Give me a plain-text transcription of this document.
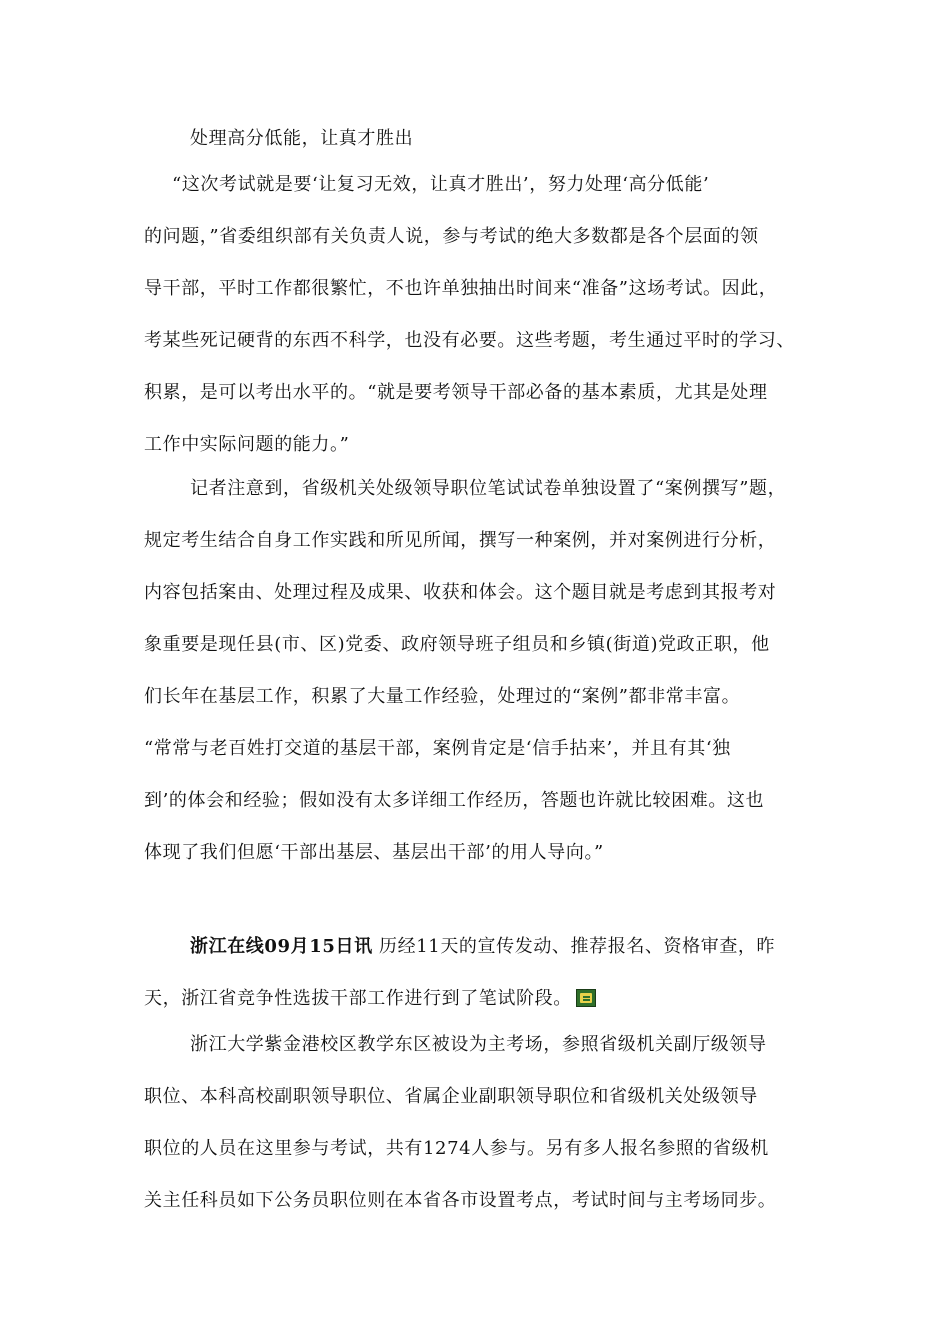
处理高分低能，让真才胜出
“这次考试就是要‘让复习无效，让真才胜出’，努力处理‘高分低能’
的问题，”省委组织部有关负责人说，参与考试的绝大多数都是各个层面的领
导干部，平时工作都很繁忙，不也许单独抽出时间来“准备”这场考试。因此，
考某些死记硬背的东西不科学，也没有必要。这些考题，考生通过平时的学习、
积累，是可以考出水平的。“就是要考领导干部必备的基本素质，尤其是处理
工作中实际问题的能力。”
记者注意到，省级机关处级领导职位笔试试卷单独设置了“案例撰写”题，
规定考生结合自身工作实践和所见所闻，撰写一种案例，并对案例进行分析，
内容包括案由、处理过程及成果、收获和体会。这个题目就是考虑到其报考对
象重要是现任县(市、区)党委、政府领导班子组员和乡镇(街道)党政正职，他
们长年在基层工作，积累了大量工作经验，处理过的“案例”都非常丰富。
“常常与老百姓打交道的基层干部，案例肯定是‘信手拈来’，并且有其‘独
到’的体会和经验；假如没有太多详细工作经历，答题也许就比较困难。这也
体现了我们但愿‘干部出基层、基层出干部’的用人导向。”
浙江在线09月15日讯 历经11天的宣传发动、推荐报名、资格审查，昨
天，浙江省竞争性选拔干部工作进行到了笔试阶段。
浙江大学紫金港校区教学东区被设为主考场，参照省级机关副厅级领导
职位、本科高校副职领导职位、省属企业副职领导职位和省级机关处级领导
职位的人员在这里参与考试，共有1274人参与。另有多人报名参照的省级机
关主任科员如下公务员职位则在本省各市设置考点，考试时间与主考场同步。
